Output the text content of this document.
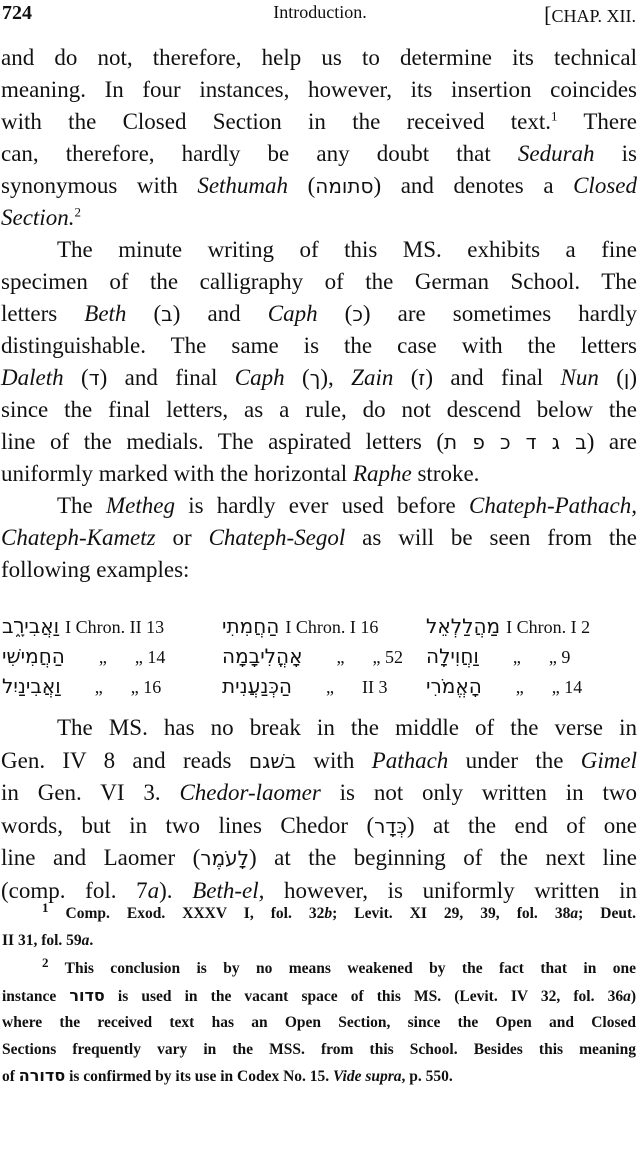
724	Introduction.	[CHAP. XII.

and do not, therefore, help us to determine its technical

meaning. In four instances, however, its insertion coincides

with the Closed Section in the received text.$^1$ There

can, therefore, hardly be any doubt that Sedurah is

synonymous with Sethumah (סתומה) and denotes a Closed

Section.$^2$

The minute writing of this MS. exhibits a fine

specimen of the calligraphy of the German School. The

letters Beth (ב) and Caph (כ) are sometimes hardly

distinguishable. The same is the case with the letters

Daleth (ד) and final Caph (ך), Zain (ז) and final Nun (ן)

since the final letters, as a rule, do not descend below the

line of the medials. The aspirated letters (ב ג ד כ פ ת) are

uniformly marked with the horizontal Raphe stroke.

The Metheg is hardly ever used before Chateph-Pathach,

Chateph-Kametz or Chateph-Segol as will be seen from the

following examples:

וַאֲבִירָ֑ב I Chron. II 13	הַחֲמִתִי I Chron. I 16 מַהֲלַלְאֵל I Chron. I 2
הַחֲמִישִׁי „ „ 14	אָהֳלִיבָמָה „ „ 52 וַחֲוִילָה „ „ 9
וַאֲבִינַיִל „ „ 16	הַכְּנַעֲנִית „ II 3 הָאֱמֹרִי „ „ 14

The MS. has no break in the middle of the verse in

Gen. IV 8 and reads בשׁגם with Pathach under the Gimel

in Gen. VI 3. Chedor-laomer is not only written in two

words, but in two lines Chedor (כְּדָר) at the end of one

line and Laomer (לָעֹמֶר) at the beginning of the next line

(comp. fol. 7a). Beth-el, however, is uniformly written in

$^1$ Comp. Exod. XXXV I, fol. 32b; Levit. XI 29, 39, fol. 38a; Deut.

II 31, fol. 59a.

$^2$ This conclusion is by no means weakened by the fact that in one

instance סדור is used in the vacant space of this MS. (Levit. IV 32, fol. 36a)

where the received text has an Open Section, since the Open and Closed

Sections frequently vary in the MSS. from this School. Besides this meaning

of סדורה is confirmed by its use in Codex No. 15. Vide supra, p. 550.
